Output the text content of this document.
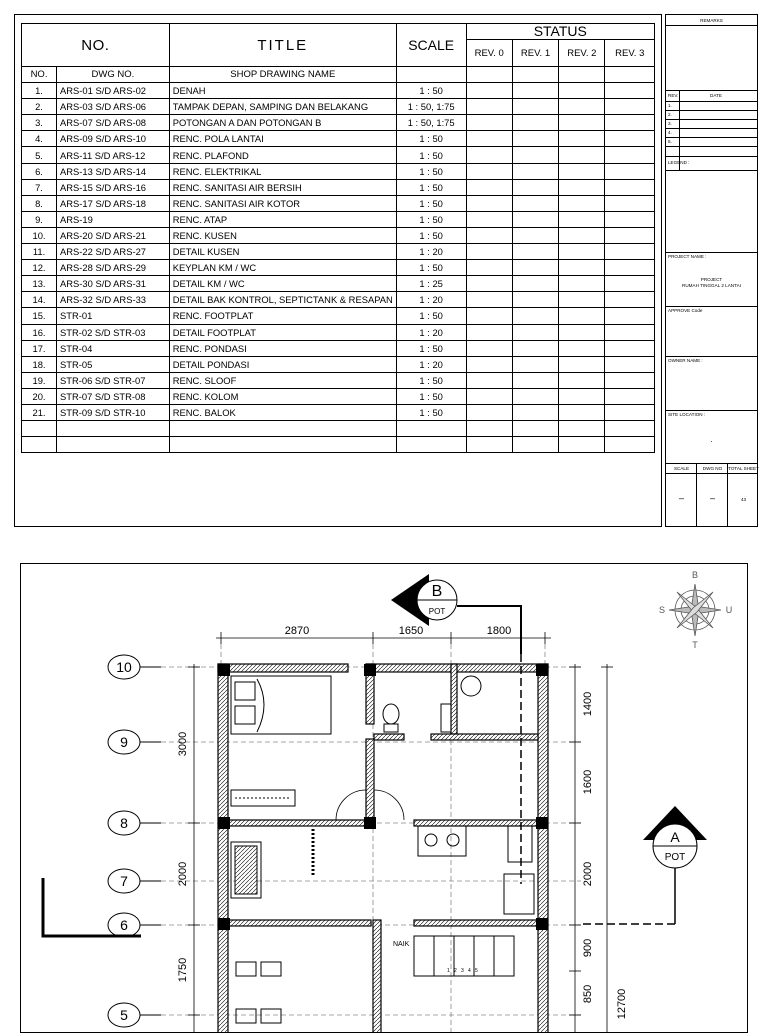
NO.		TITLE	SCALE	STATUS			
				REV. 0	REV. 1	REV. 2	REV. 3
NO.	DWG NO.	SHOP DRAWING NAME					
1.	ARS-01 S/D ARS-02	DENAH	1 : 50				
2.	ARS-03 S/D ARS-06	TAMPAK DEPAN, SAMPING DAN BELAKANG	1 : 50, 1:75				
3.	ARS-07 S/D ARS-08	POTONGAN A DAN POTONGAN B	1 : 50, 1:75				
4.	ARS-09 S/D ARS-10	RENC. POLA LANTAI	1 : 50				
5.	ARS-11 S/D ARS-12	RENC. PLAFOND	1 : 50				
6.	ARS-13 S/D ARS-14	RENC. ELEKTRIKAL	1 : 50				
7.	ARS-15 S/D ARS-16	RENC. SANITASI AIR BERSIH	1 : 50				
8.	ARS-17 S/D ARS-18	RENC. SANITASI AIR KOTOR	1 : 50				
9.	ARS-19	RENC. ATAP	1 : 50				
10.	ARS-20 S/D ARS-21	RENC. KUSEN	1 : 50				
11.	ARS-22 S/D ARS-27	DETAIL KUSEN	1 : 20				
12.	ARS-28 S/D ARS-29	KEYPLAN KM / WC	1 : 50				
13.	ARS-30 S/D ARS-31	DETAIL KM / WC	1 : 25				
14.	ARS-32 S/D ARS-33	DETAIL BAK KONTROL, SEPTICTANK & RESAPAN	1 : 20				
15.	STR-01	RENC. FOOTPLAT	1 : 50				
16.	STR-02 S/D STR-03	DETAIL FOOTPLAT	1 : 20				
17.	STR-04	RENC. PONDASI	1 : 50				
18.	STR-05	DETAIL PONDASI	1 : 20				
19.	STR-06 S/D STR-07	RENC. SLOOF	1 : 50				
20.	STR-07 S/D STR-08	RENC. KOLOM	1 : 50				
21.	STR-09 S/D STR-10	RENC. BALOK	1 : 50				

REMARKS
REV.	DATE
1.
2.
3.
4.
5.
LEGEND :
PROJECT NAME :
PROJECT
RUMAH TINGGAL 2 LANTAI
APPROVE Code
OWNER NAME :
SITE LOCATION :
.
SCALE	DWG NO	TOTAL SHEET
–	–	43
2870	1650	1800
3000
2000
1750
1400
1600
2000
900
850 12700
10
9
8
7
6
5
1 2 3 4 5
NAIK
B
POT
A
POT
B
S	U
T
